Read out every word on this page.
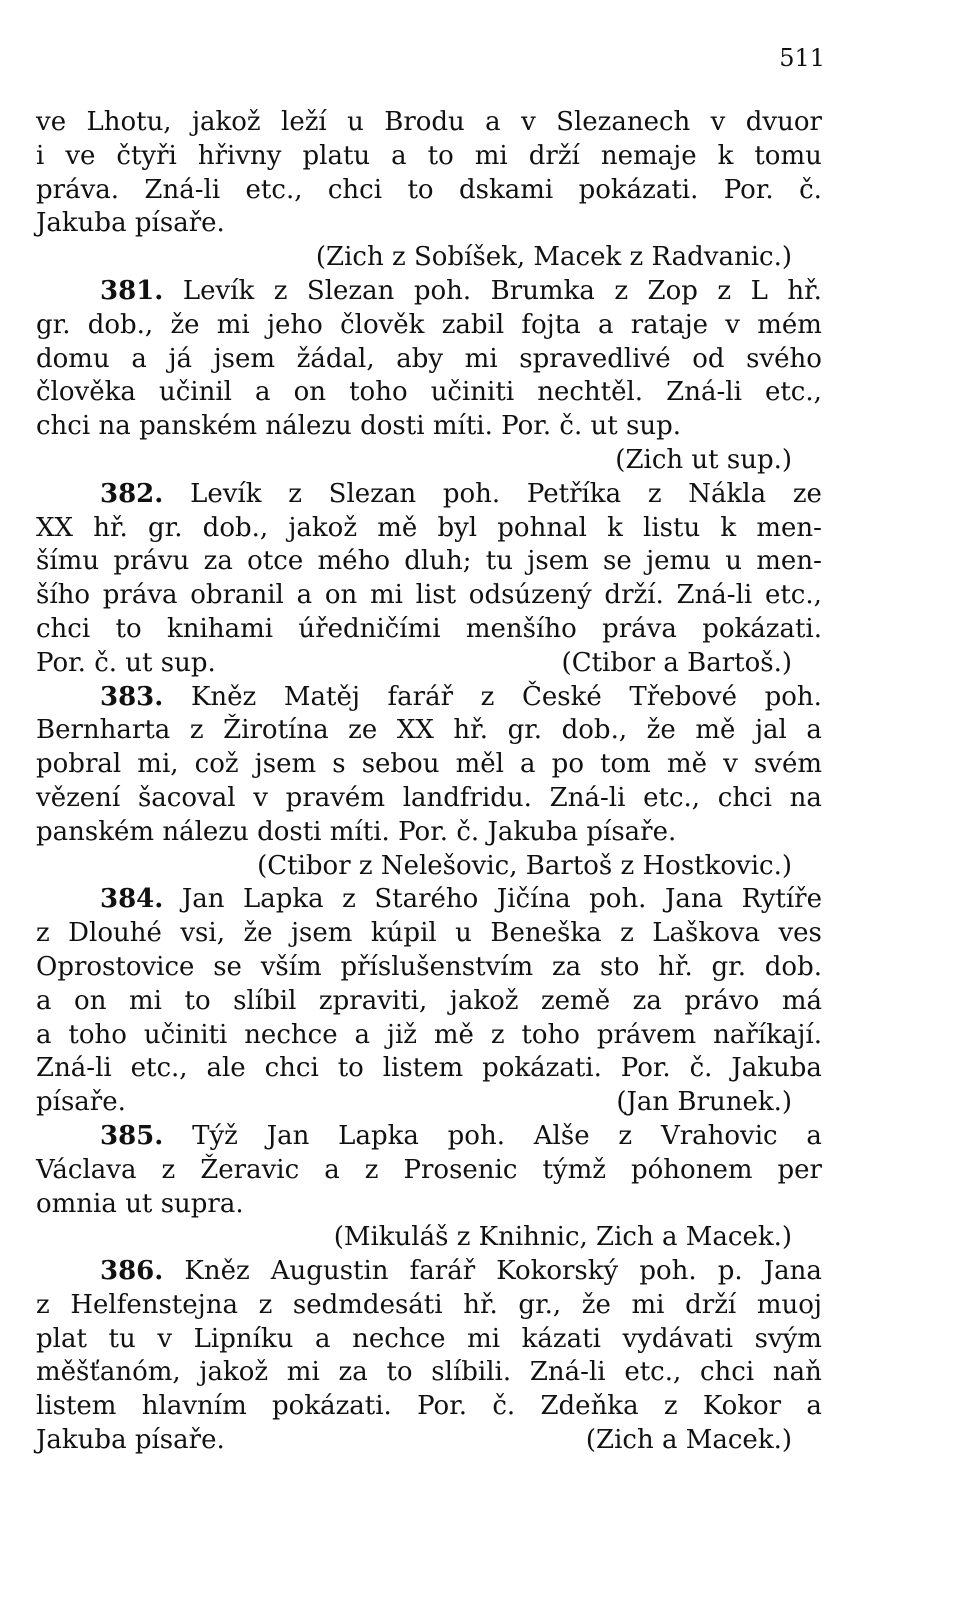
511
ve Lhotu, jakož leží u Brodu a v Slezanech v dvuor
i ve čtyři hřivny platu a to mi drží nemaje k tomu
práva. Zná-li etc., chci to dskami pokázati. Por. č.
Jakuba písaře.
(Zich z Sobíšek, Macek z Radvanic.)
381. Levík z Slezan poh. Brumka z Zop z L hř.
gr. dob., že mi jeho člověk zabil fojta a rataje v mém
domu a já jsem žádal, aby mi spravedlivé od svého
člověka učinil a on toho učiniti nechtěl. Zná-li etc.,
chci na panském nálezu dosti míti. Por. č. ut sup.
(Zich ut sup.)
382. Levík z Slezan poh. Petříka z Nákla ze
XX hř. gr. dob., jakož mě byl pohnal k listu k men-
šímu právu za otce mého dluh; tu jsem se jemu u men-
šího práva obranil a on mi list odsúzený drží. Zná-li etc.,
chci to knihami úředničími menšího práva pokázati.
Por. č. ut sup.	(Ctibor a Bartoš.)
383. Kněz Matěj farář z České Třebové poh.
Bernharta z Žirotína ze XX hř. gr. dob., že mě jal a
pobral mi, což jsem s sebou měl a po tom mě v svém
vězení šacoval v pravém landfridu. Zná-li etc., chci na
panském nálezu dosti míti. Por. č. Jakuba písaře.
(Ctibor z Nelešovic, Bartoš z Hostkovic.)
384. Jan Lapka z Starého Jičína poh. Jana Rytíře
z Dlouhé vsi, že jsem kúpil u Beneška z Laškova ves
Oprostovice se vším příslušenstvím za sto hř. gr. dob.
a on mi to slíbil zpraviti, jakož země za právo má
a toho učiniti nechce a již mě z toho právem naříkají.
Zná-li etc., ale chci to listem pokázati. Por. č. Jakuba
písaře.	(Jan Brunek.)
385. Týž Jan Lapka poh. Alše z Vrahovic a
Václava z Žeravic a z Prosenic týmž póhonem per
omnia ut supra.
(Mikuláš z Knihnic, Zich a Macek.)
386. Kněz Augustin farář Kokorský poh. p. Jana
z Helfenstejna z sedmdesáti hř. gr., že mi drží muoj
plat tu v Lipníku a nechce mi kázati vydávati svým
měšťanóm, jakož mi za to slíbili. Zná-li etc., chci naň
listem hlavním pokázati. Por. č. Zdeňka z Kokor a
Jakuba písaře.	(Zich a Macek.)
